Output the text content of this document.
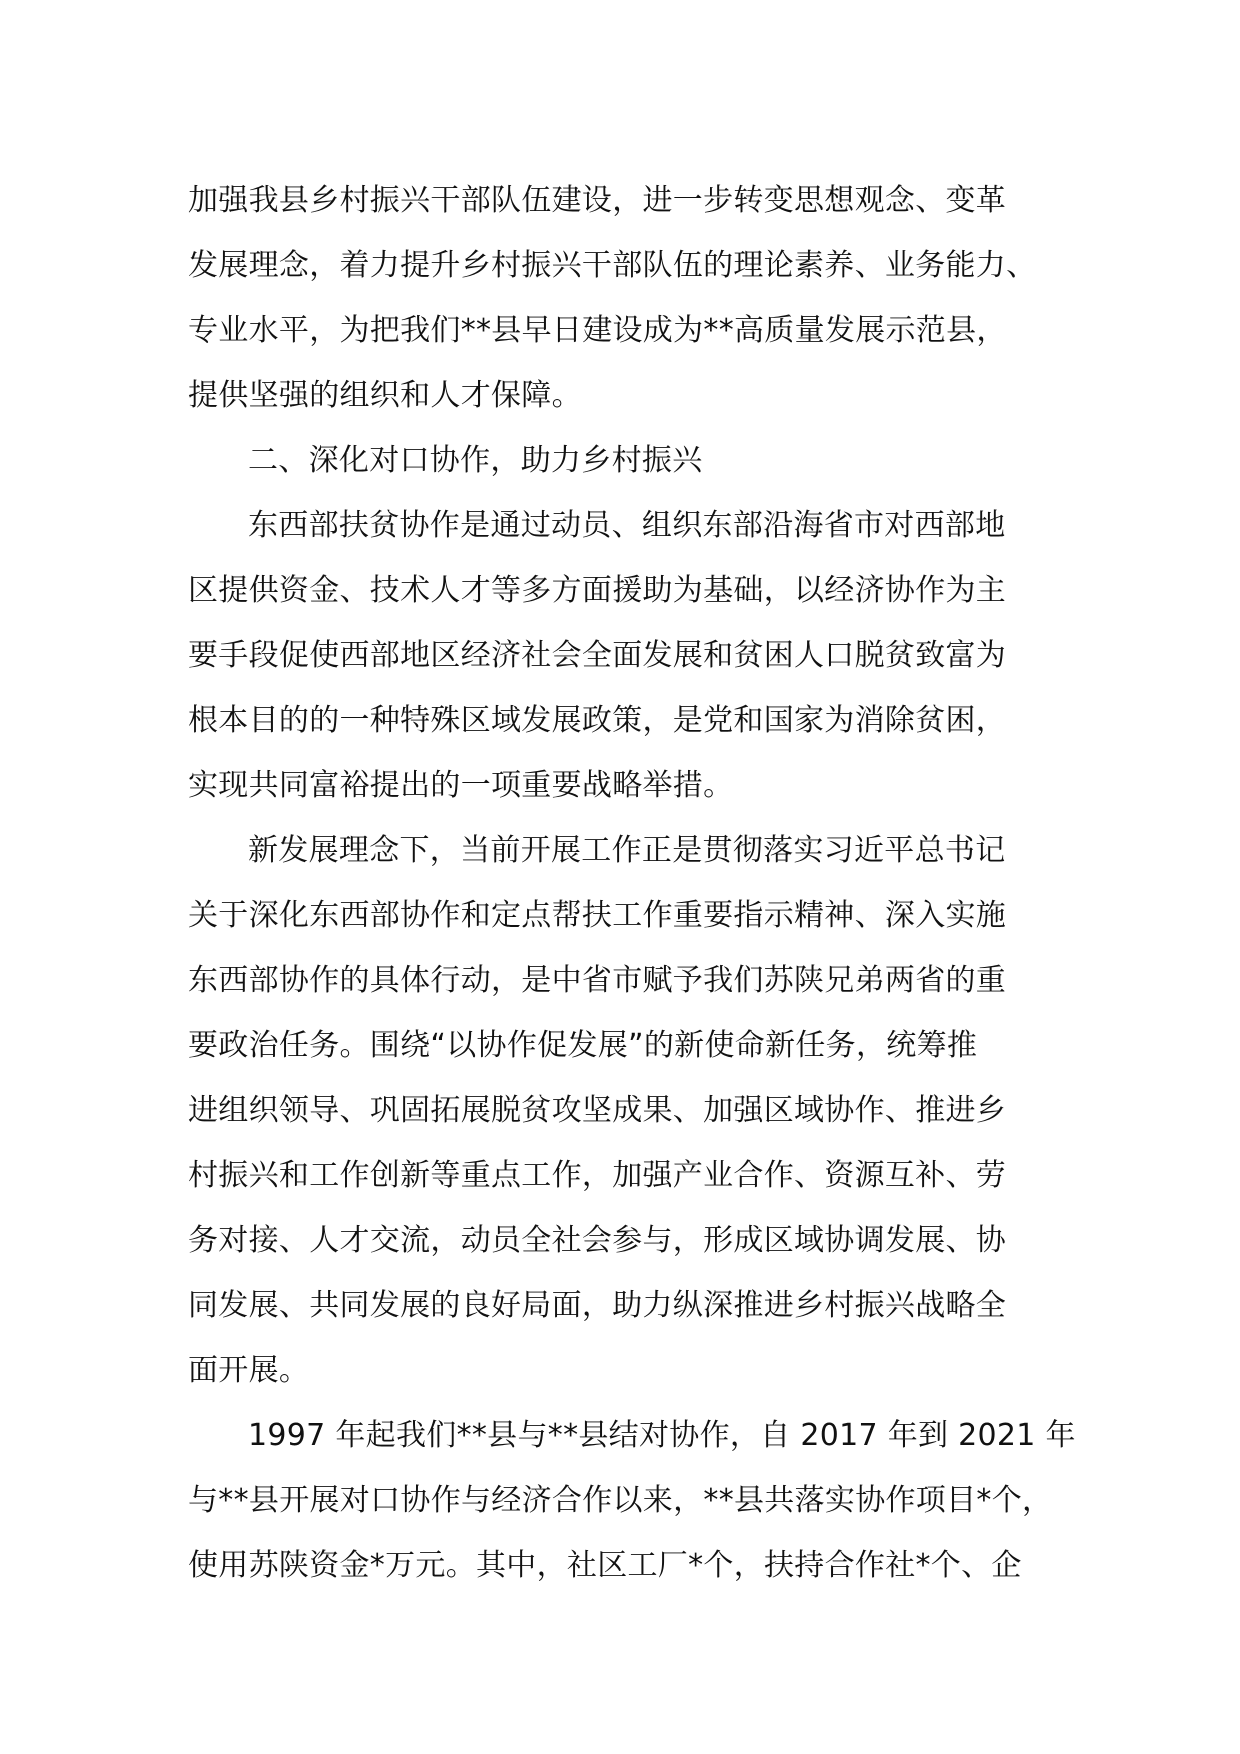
加强我县乡村振兴干部队伍建设，进一步转变思想观念、变革
发展理念，着力提升乡村振兴干部队伍的理论素养、业务能力、
专业水平，为把我们**县早日建设成为**高质量发展示范县，
提供坚强的组织和人才保障。
二、深化对口协作，助力乡村振兴
东西部扶贫协作是通过动员、组织东部沿海省市对西部地
区提供资金、技术人才等多方面援助为基础，以经济协作为主
要手段促使西部地区经济社会全面发展和贫困人口脱贫致富为
根本目的的一种特殊区域发展政策，是党和国家为消除贫困，
实现共同富裕提出的一项重要战略举措。
新发展理念下，当前开展工作正是贯彻落实习近平总书记
关于深化东西部协作和定点帮扶工作重要指示精神、深入实施
东西部协作的具体行动，是中省市赋予我们苏陕兄弟两省的重
要政治任务。围绕“以协作促发展”的新使命新任务，统筹推
进组织领导、巩固拓展脱贫攻坚成果、加强区域协作、推进乡
村振兴和工作创新等重点工作，加强产业合作、资源互补、劳
务对接、人才交流，动员全社会参与，形成区域协调发展、协
同发展、共同发展的良好局面，助力纵深推进乡村振兴战略全
面开展。
1997 年起我们**县与**县结对协作，自 2017 年到 2021 年
与**县开展对口协作与经济合作以来，**县共落实协作项目*个，
使用苏陕资金*万元。其中，社区工厂*个，扶持合作社*个、企
